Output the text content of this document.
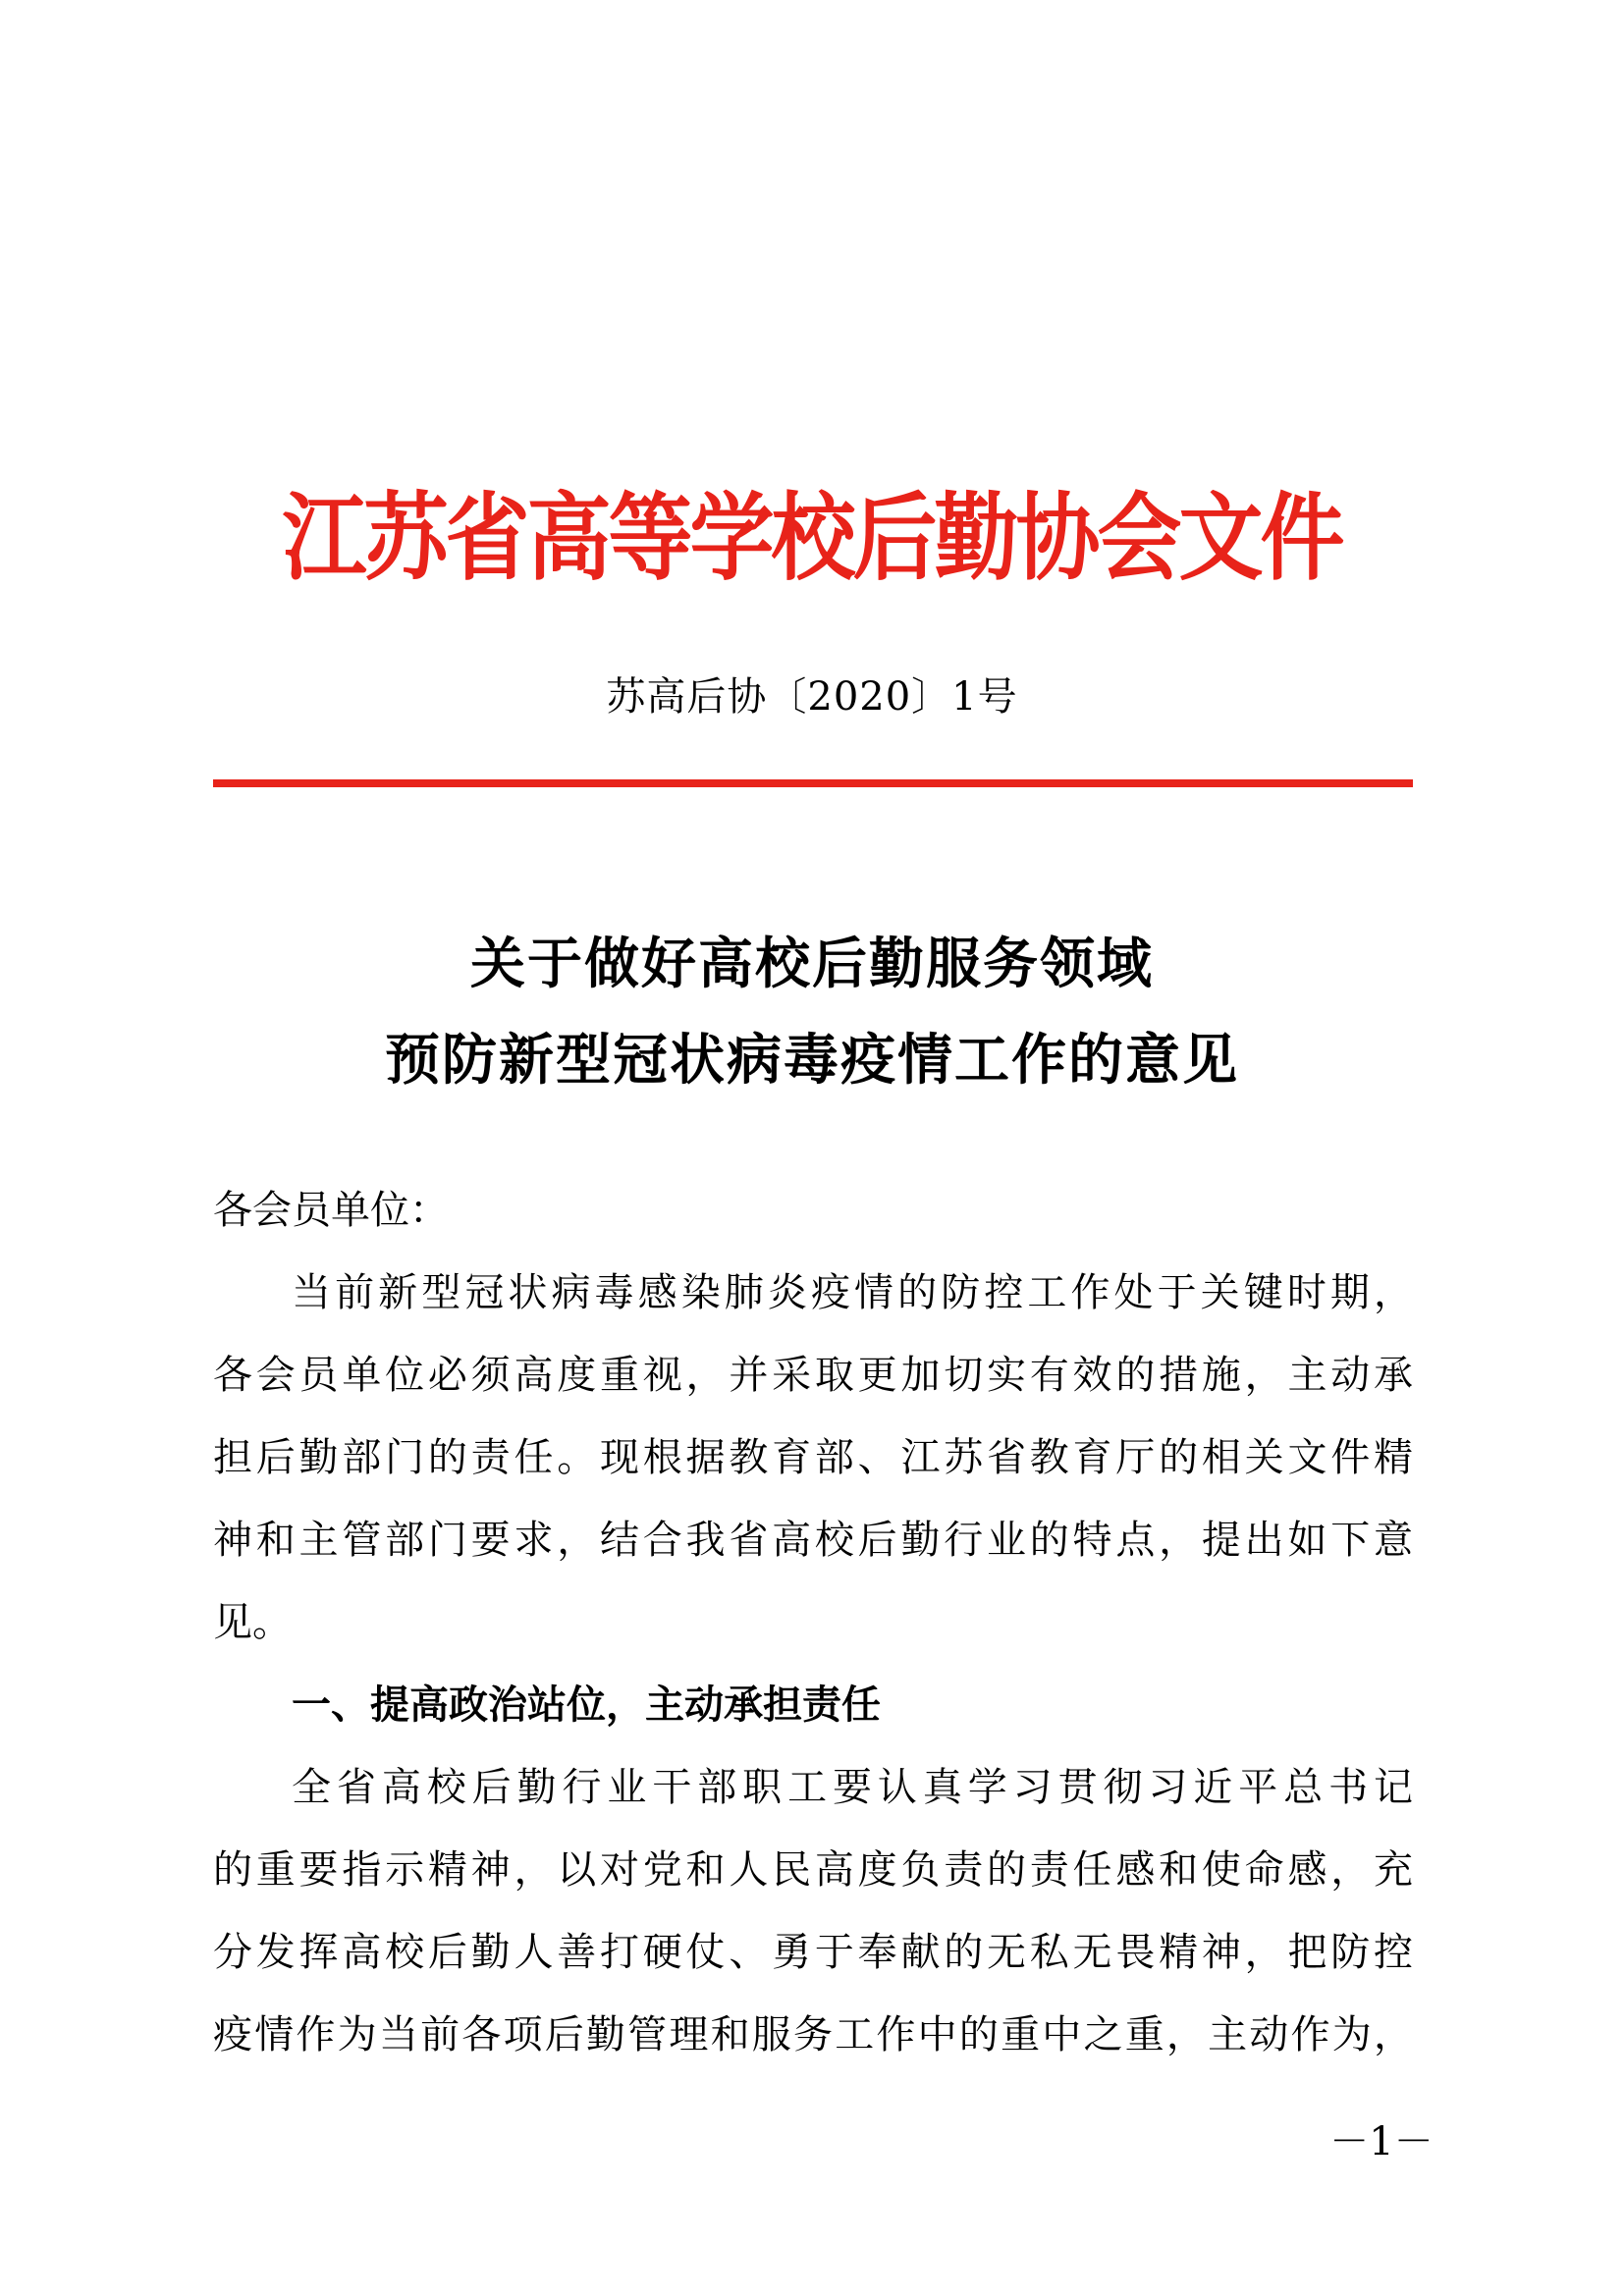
江苏省高等学校后勤协会文件
苏高后协〔2020〕1号
关于做好高校后勤服务领域
预防新型冠状病毒疫情工作的意见
各会员单位：
当前新型冠状病毒感染肺炎疫情的防控工作处于关键时期，
各会员单位必须高度重视，并采取更加切实有效的措施，主动承
担后勤部门的责任。现根据教育部、江苏省教育厅的相关文件精
神和主管部门要求，结合我省高校后勤行业的特点，提出如下意
见。
一、提高政治站位，主动承担责任
全省高校后勤行业干部职工要认真学习贯彻习近平总书记
的重要指示精神，以对党和人民高度负责的责任感和使命感，充
分发挥高校后勤人善打硬仗、勇于奉献的无私无畏精神，把防控
疫情作为当前各项后勤管理和服务工作中的重中之重，主动作为，
－1－
